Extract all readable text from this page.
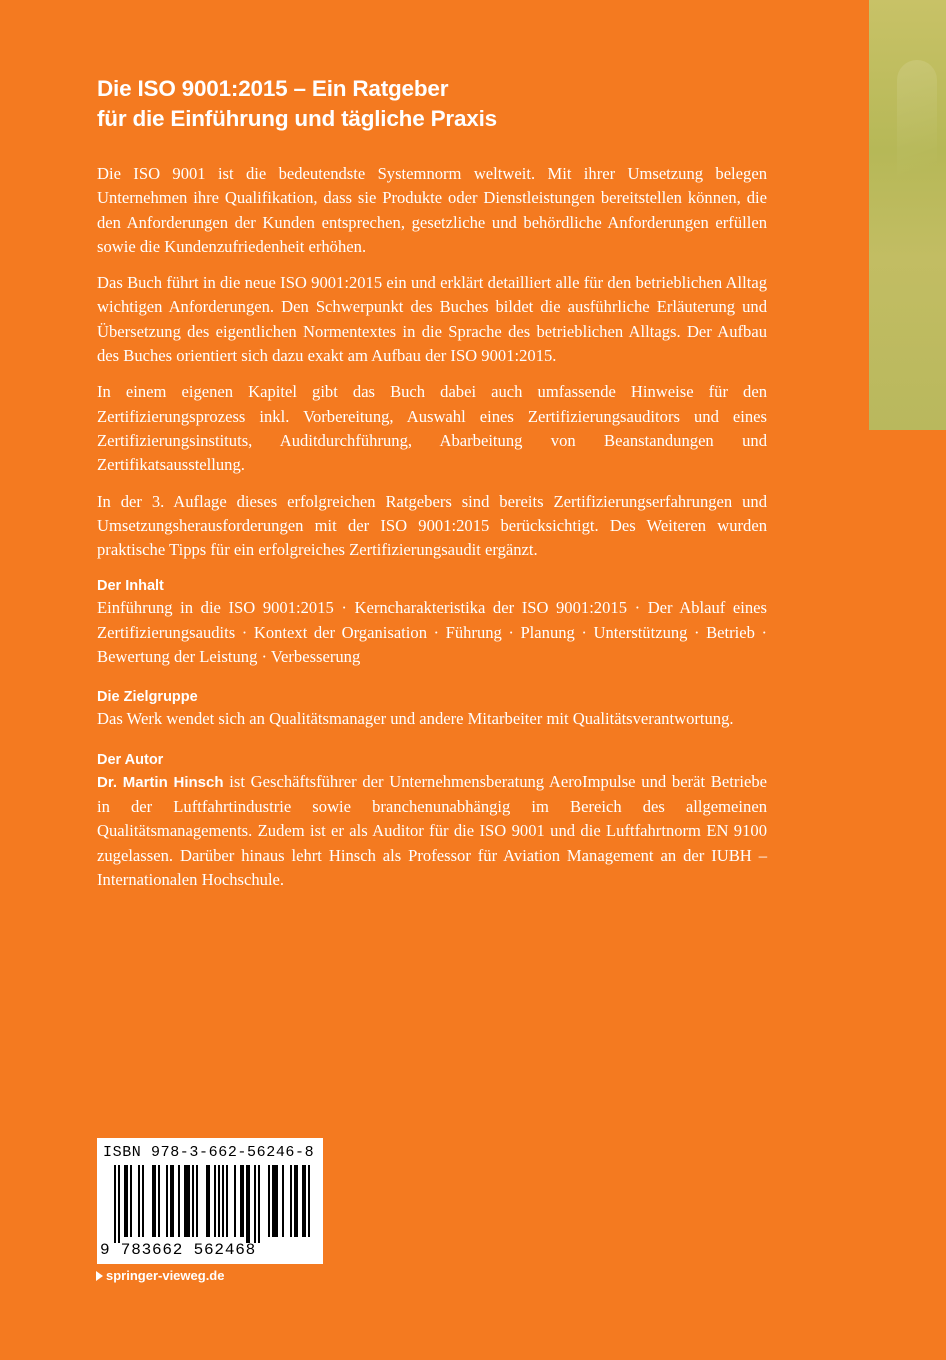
Die ISO 9001:2015 – Ein Ratgeber
für die Einführung und tägliche Praxis

Die ISO 9001 ist die bedeutendste Systemnorm weltweit. Mit ihrer Umsetzung belegen Unternehmen ihre Qualifikation, dass sie Produkte oder Dienstleistungen bereitstellen können, die den Anforderungen der Kunden entsprechen, gesetzliche und behördliche Anforderungen erfüllen sowie die Kundenzufriedenheit erhöhen.

Das Buch führt in die neue ISO 9001:2015 ein und erklärt detailliert alle für den betrieblichen Alltag wichtigen Anforderungen. Den Schwerpunkt des Buches bildet die ausführliche Erläuterung und Übersetzung des eigentlichen Normentextes in die Sprache des betrieblichen Alltags. Der Aufbau des Buches orientiert sich dazu exakt am Aufbau der ISO 9001:2015.

In einem eigenen Kapitel gibt das Buch dabei auch umfassende Hinweise für den Zertifizierungsprozess inkl. Vorbereitung, Auswahl eines Zertifizierungsauditors und eines Zertifizierungsinstituts, Auditdurchführung, Abarbeitung von Beanstandungen und Zertifikatsausstellung.

In der 3. Auflage dieses erfolgreichen Ratgebers sind bereits Zertifizierungserfahrungen und Umsetzungsherausforderungen mit der ISO 9001:2015 berücksichtigt. Des Weiteren wurden praktische Tipps für ein erfolgreiches Zertifizierungsaudit ergänzt.

Der Inhalt

Einführung in die ISO 9001:2015 · Kerncharakteristika der ISO 9001:2015 · Der Ablauf eines Zertifizierungsaudits · Kontext der Organisation · Führung · Planung · Unterstützung · Betrieb · Bewertung der Leistung · Verbesserung

Die Zielgruppe

Das Werk wendet sich an Qualitätsmanager und andere Mitarbeiter mit Qualitätsverantwortung.

Der Autor

Dr. Martin Hinsch ist Geschäftsführer der Unternehmensberatung AeroImpulse und berät Betriebe in der Luftfahrtindustrie sowie branchenunabhängig im Bereich des allgemeinen Qualitätsmanagements. Zudem ist er als Auditor für die ISO 9001 und die Luftfahrtnorm EN 9100 zugelassen. Darüber hinaus lehrt Hinsch als Professor für Aviation Management an der IUBH – Internationalen Hochschule.

ISBN 978-3-662-56246-8
9 783662 562468
springer-vieweg.de
